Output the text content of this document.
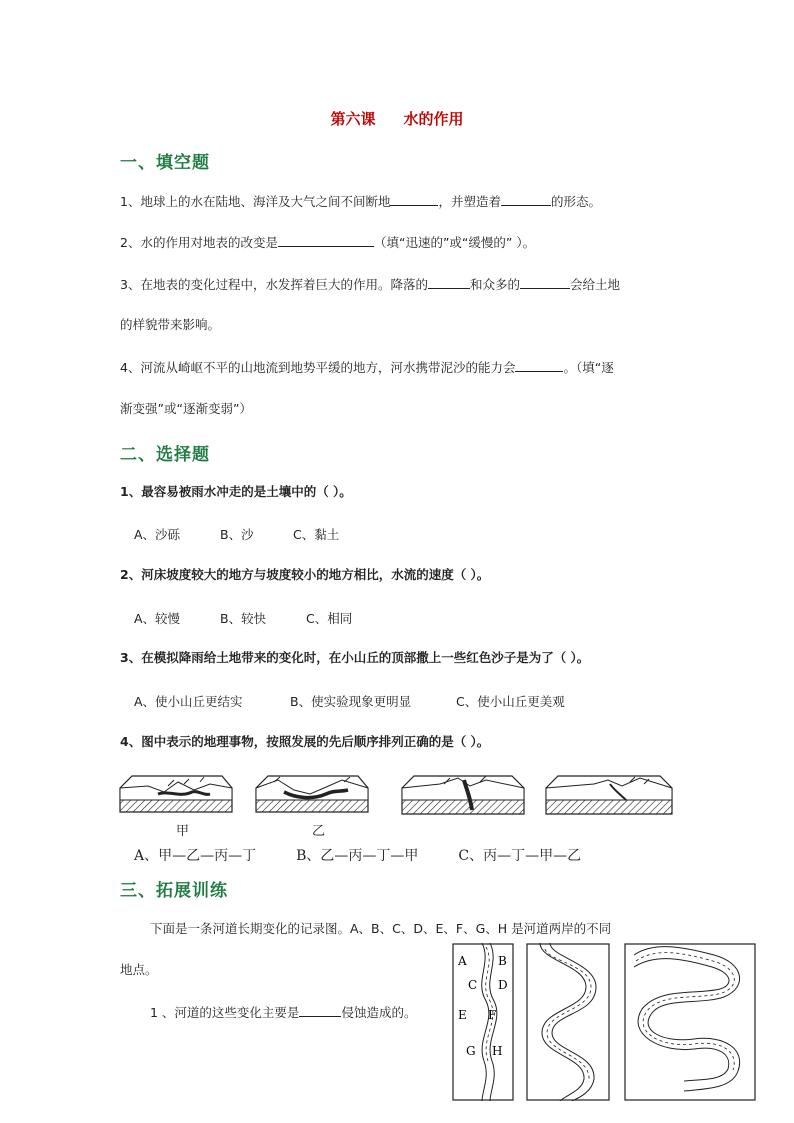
第六课 水的作用
一、填空题
1、地球上的水在陆地、海洋及大气之间不间断地	，并塑造着	的形态。
2、水的作用对地表的改变是	（填“迅速的”或“缓慢的” ）。
3、在地表的变化过程中，水发挥着巨大的作用。降落的	和众多的	会给土地
的样貌带来影响。
4、河流从崎岖不平的山地流到地势平缓的地方，河水携带泥沙的能力会	。（填“逐
渐变强”或“逐渐变弱”）
二、选择题
1、最容易被雨水冲走的是土壤中的（ ）。
A、沙砾	B、沙	C、黏土
2、河床坡度较大的地方与坡度较小的地方相比，水流的速度（ ）。
A、较慢	B、较快	C、相同
3、在模拟降雨给土地带来的变化时，在小山丘的顶部撒上一些红色沙子是为了（ ）。
A、使小山丘更结实	B、使实验现象更明显	C、使小山丘更美观
4、图中表示的地理事物，按照发展的先后顺序排列正确的是（ ）。
甲	乙
A、甲—乙—丙—丁	B、乙—丙—丁—甲	C、丙—丁—甲—乙
三、拓展训练
下面是一条河道长期变化的记录图。A、B、C、D、E、F、G、H 是河道两岸的不同
地点。
1 、河道的这些变化主要是	侵蚀造成的。
A	B
C D
E F
G H
